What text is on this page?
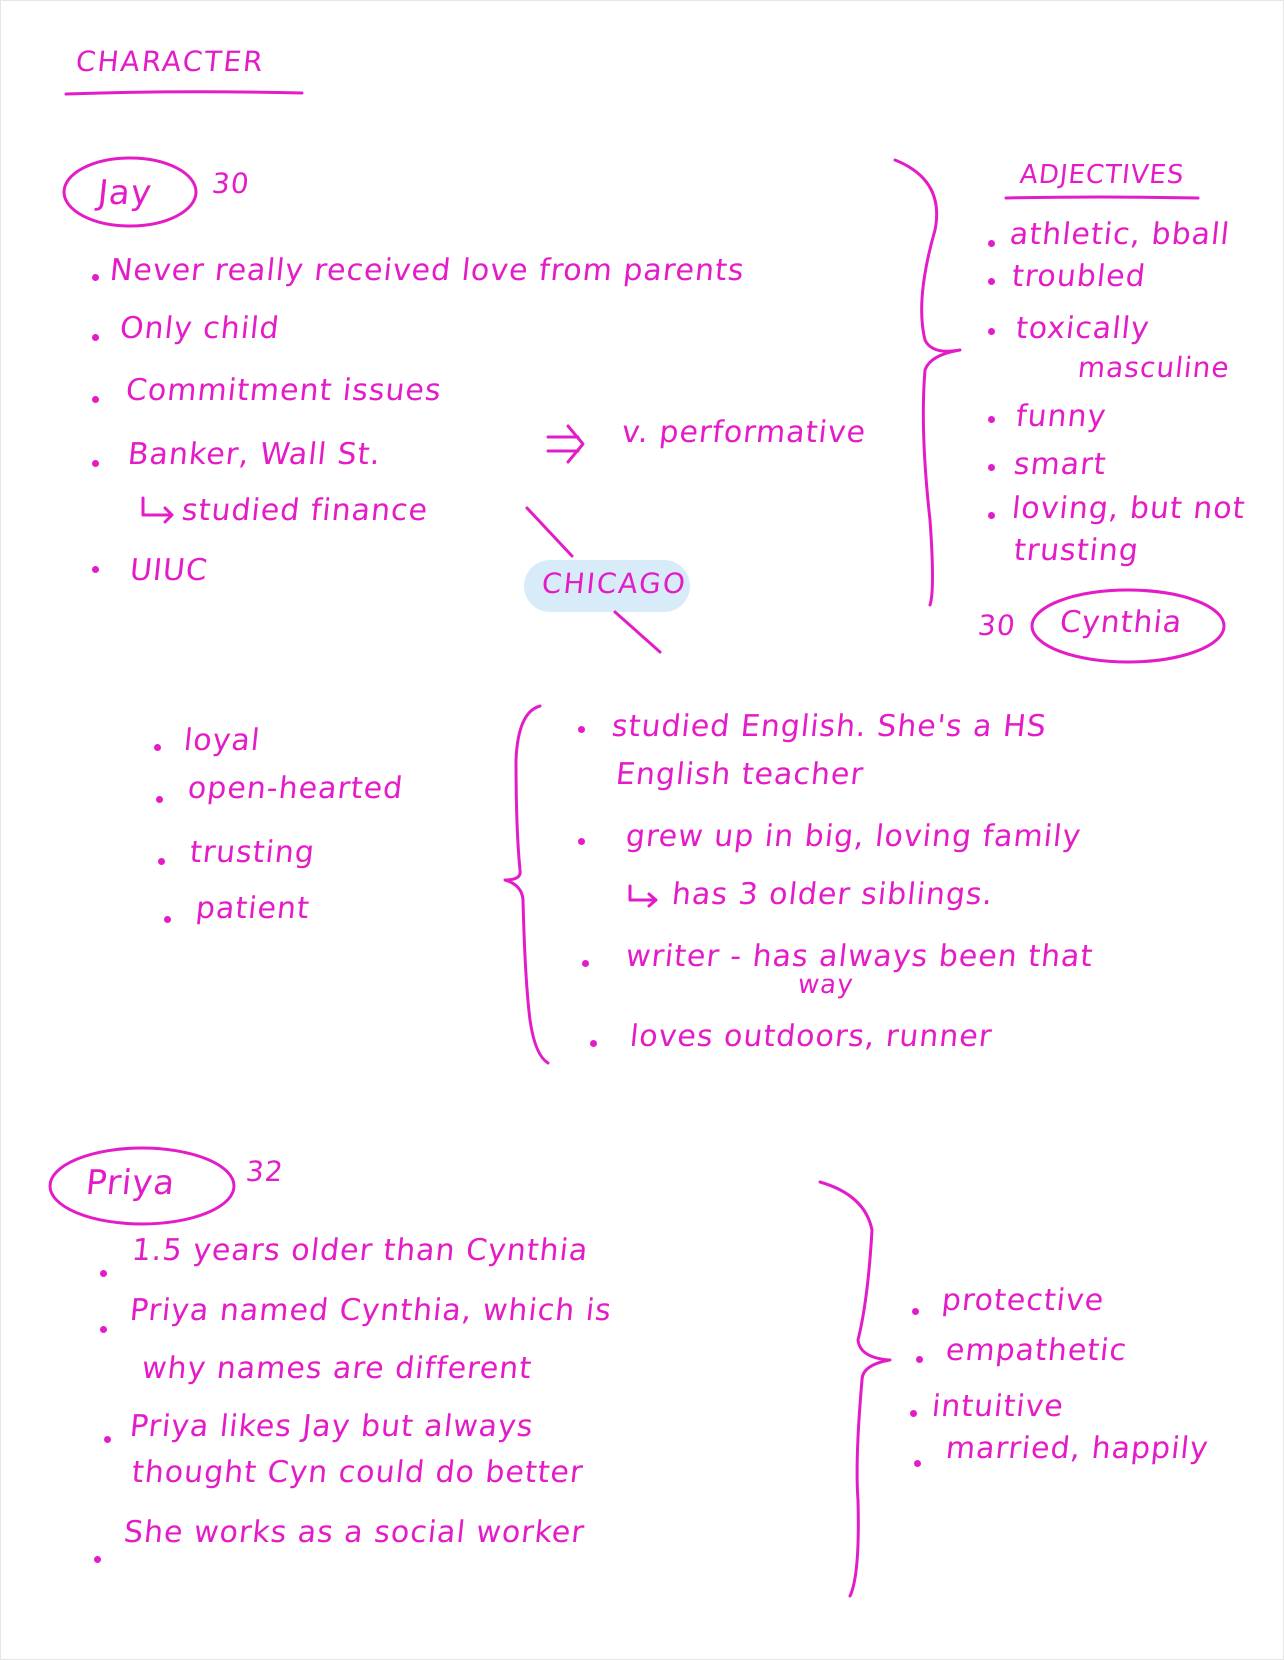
CHARACTER
Jay 30
Never really received love from parents
Only child
Commitment issues
Banker, Wall St.
studied finance
UIUC
v. performative
ADJECTIVES
athletic, bball
troubled
toxically
masculine
funny
smart
loving, but not
trusting
CHICAGO
30 Cynthia
loyal
open-hearted
trusting
patient
studied English. She's a HS
English teacher
grew up in big, loving family
has 3 older siblings.
writer - has always been that
way
loves outdoors, runner
Priya 32
1.5 years older than Cynthia
Priya named Cynthia, which is
why names are different
Priya likes Jay but always
thought Cyn could do better
She works as a social worker
protective
empathetic
intuitive
married, happily
